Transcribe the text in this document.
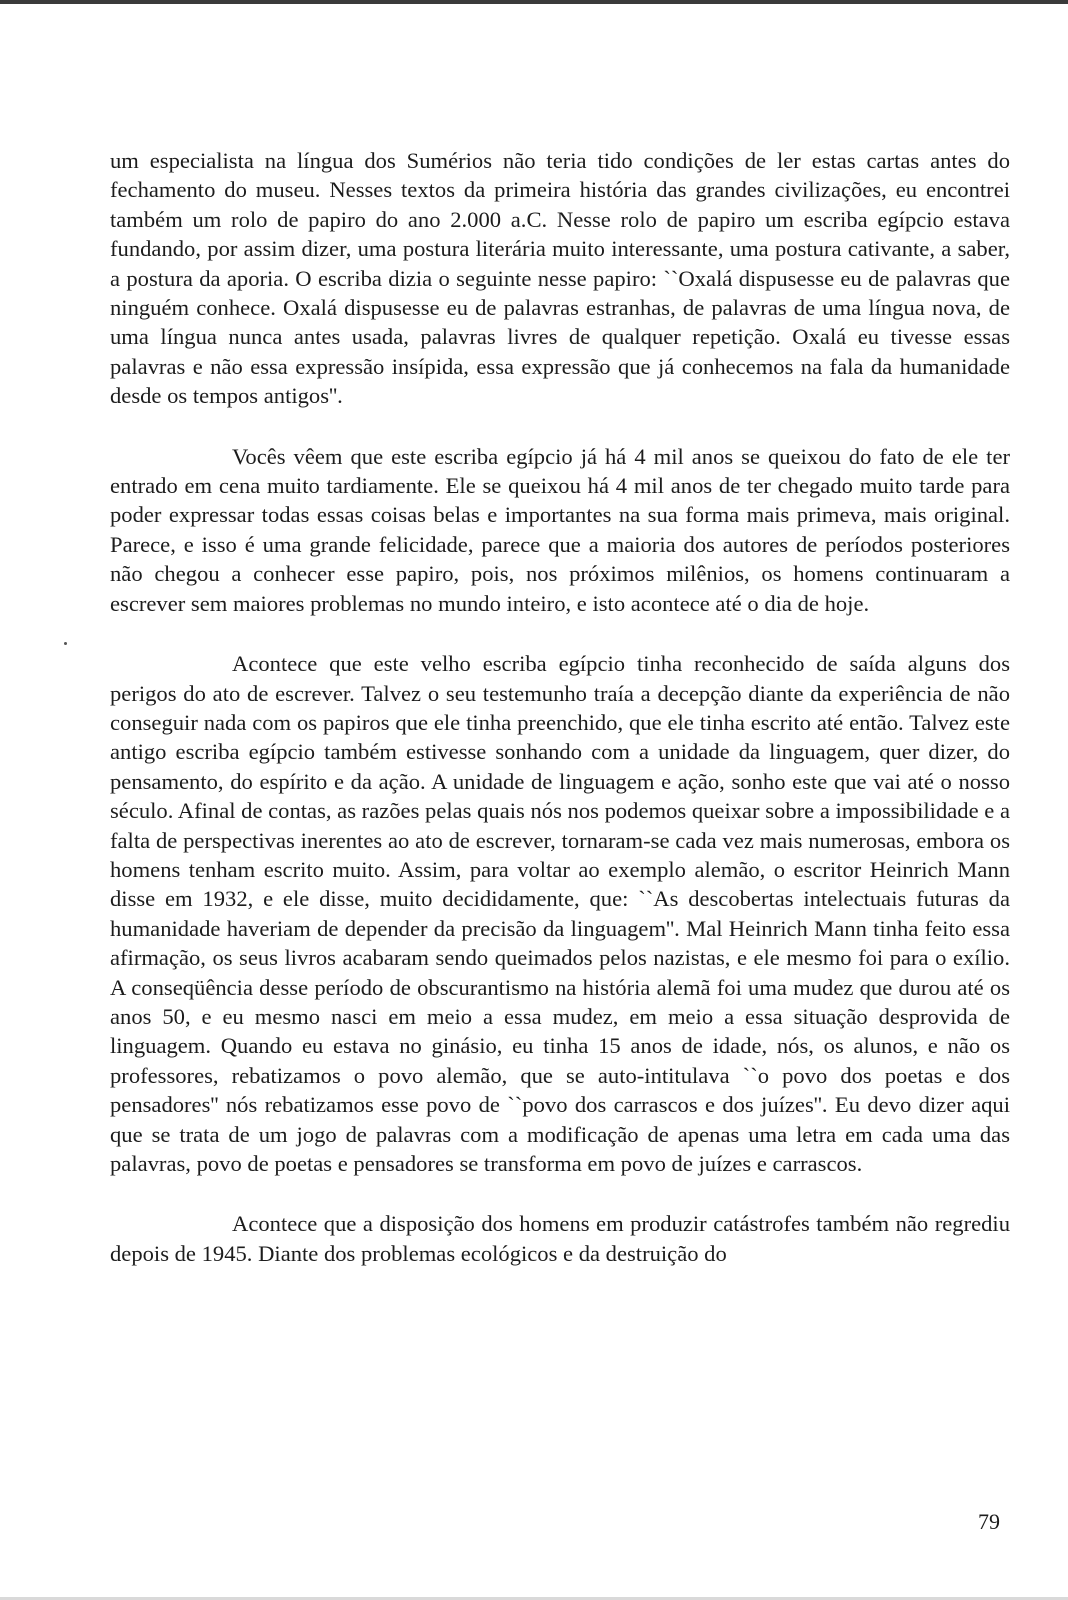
um especialista na língua dos Sumérios não teria tido condições de ler estas cartas antes do fechamento do museu. Nesses textos da primeira história das grandes civilizações, eu encontrei também um rolo de papiro do ano 2.000 a.C. Nesse rolo de papiro um escriba egípcio estava fundando, por assim dizer, uma postura literária muito interessante, uma postura cativante, a saber, a postura da aporia. O escriba dizia o seguinte nesse papiro: ``Oxalá dispusesse eu de palavras que ninguém conhece. Oxalá dispusesse eu de palavras estranhas, de palavras de uma língua nova, de uma língua nunca antes usada, palavras livres de qualquer repetição. Oxalá eu tivesse essas palavras e não essa expressão insípida, essa expressão que já conhecemos na fala da humanidade desde os tempos antigos''.

Vocês vêem que este escriba egípcio já há 4 mil anos se queixou do fato de ele ter entrado em cena muito tardiamente. Ele se queixou há 4 mil anos de ter chegado muito tarde para poder expressar todas essas coisas belas e importantes na sua forma mais primeva, mais original. Parece, e isso é uma grande felicidade, parece que a maioria dos autores de períodos posteriores não chegou a conhecer esse papiro, pois, nos próximos milênios, os homens continuaram a escrever sem maiores problemas no mundo inteiro, e isto acontece até o dia de hoje.

Acontece que este velho escriba egípcio tinha reconhecido de saída alguns dos perigos do ato de escrever. Talvez o seu testemunho traía a decepção diante da experiência de não conseguir nada com os papiros que ele tinha preenchido, que ele tinha escrito até então. Talvez este antigo escriba egípcio também estivesse sonhando com a unidade da linguagem, quer dizer, do pensamento, do espírito e da ação. A unidade de linguagem e ação, sonho este que vai até o nosso século. Afinal de contas, as razões pelas quais nós nos podemos queixar sobre a impossibilidade e a falta de perspectivas inerentes ao ato de escrever, tornaram-se cada vez mais numerosas, embora os homens tenham escrito muito. Assim, para voltar ao exemplo alemão, o escritor Heinrich Mann disse em 1932, e ele disse, muito decididamente, que: ``As descobertas intelectuais futuras da humanidade haveriam de depender da precisão da linguagem''. Mal Heinrich Mann tinha feito essa afirmação, os seus livros acabaram sendo queimados pelos nazistas, e ele mesmo foi para o exílio. A conseqüência desse período de obscurantismo na história alemã foi uma mudez que durou até os anos 50, e eu mesmo nasci em meio a essa mudez, em meio a essa situação desprovida de linguagem. Quando eu estava no ginásio, eu tinha 15 anos de idade, nós, os alunos, e não os professores, rebatizamos o povo alemão, que se auto-intitulava ``o povo dos poetas e dos pensadores'' nós rebatizamos esse povo de ``povo dos carrascos e dos juízes''. Eu devo dizer aqui que se trata de um jogo de palavras com a modificação de apenas uma letra em cada uma das palavras, povo de poetas e pensadores se transforma em povo de juízes e carrascos.

Acontece que a disposição dos homens em produzir catástrofes também não regrediu depois de 1945. Diante dos problemas ecológicos e da destruição do

79
